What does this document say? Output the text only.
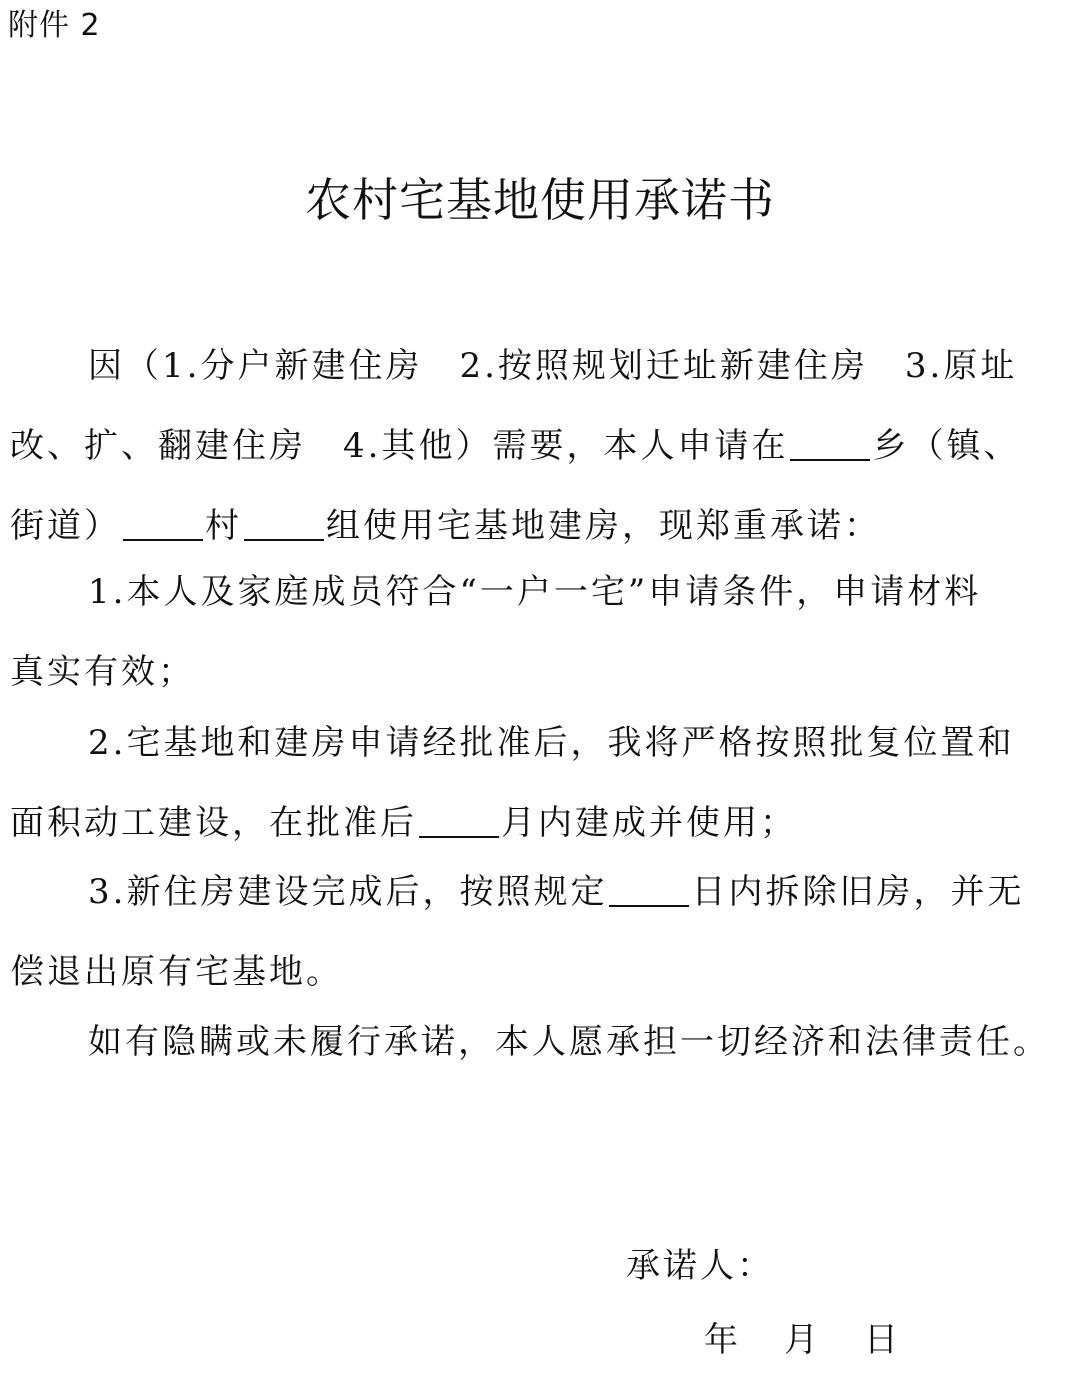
附件 2
农村宅基地使用承诺书
因（1.分户新建住房　2.按照规划迁址新建住房　3.原址
改、扩、翻建住房　4.其他）需要，本人申请在 乡（镇、
街道） 村 组使用宅基地建房，现郑重承诺：
1.本人及家庭成员符合“一户一宅”申请条件，申请材料
真实有效；
2.宅基地和建房申请经批准后，我将严格按照批复位置和
面积动工建设，在批准后 月内建成并使用；
3.新住房建设完成后，按照规定 日内拆除旧房，并无
偿退出原有宅基地。
如有隐瞒或未履行承诺，本人愿承担一切经济和法律责任。
承诺人：
年 月 日
